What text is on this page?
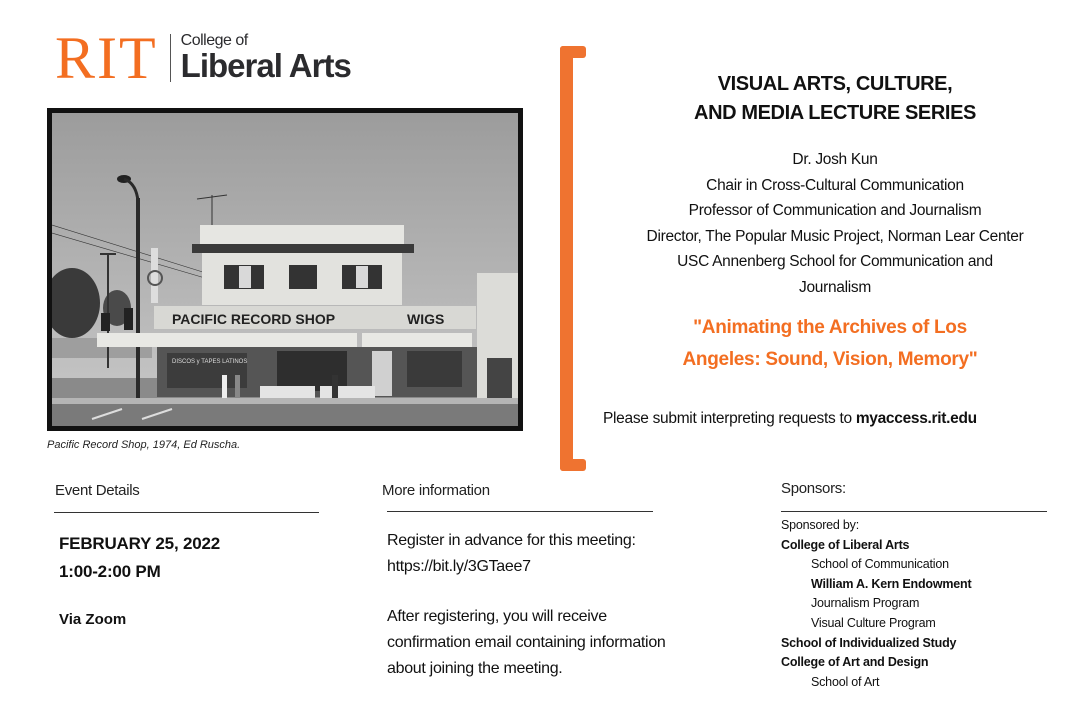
RIT College of
Liberal Arts
PACIFIC RECORD SHOP	WIGS
DISCOS y TAPES LATINOS
Pacific Record Shop, 1974, Ed Ruscha.
VISUAL ARTS, CULTURE,
AND MEDIA LECTURE SERIES
Dr. Josh Kun
Chair in Cross-Cultural Communication
Professor of Communication and Journalism
Director, The Popular Music Project, Norman Lear Center
USC Annenberg School for Communication and
Journalism
"Animating the Archives of Los
Angeles: Sound, Vision, Memory"
Please submit interpreting requests to myaccess.rit.edu
Event Details
FEBRUARY 25, 2022
1:00-2:00 PM
Via Zoom
More information
Register in advance for this meeting:
https://bit.ly/3GTaee7
After registering, you will receive
confirmation email containing information
about joining the meeting.
Sponsors:
Sponsored by:
College of Liberal Arts
School of Communication
William A. Kern Endowment
Journalism Program
Visual Culture Program
School of Individualized Study
College of Art and Design
School of Art
